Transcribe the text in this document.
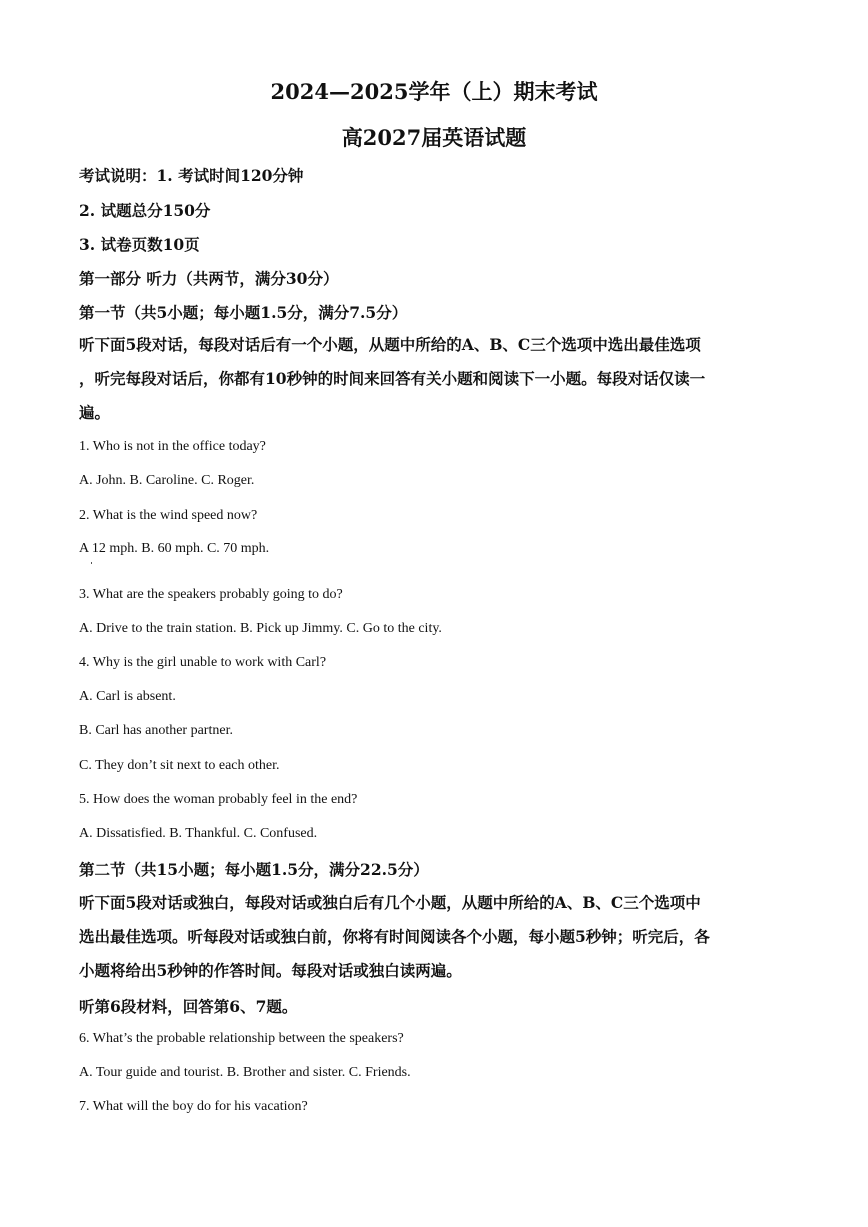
2024—2025学年（上）期末考试
高2027届英语试题
考试说明：1. 考试时间120分钟
2. 试题总分150分
3. 试卷页数10页
第一部分 听力（共两节，满分30分）
第一节（共5小题；每小题1.5分，满分7.5分）
听下面5段对话，每段对话后有一个小题，从题中所给的A、B、C三个选项中选出最佳选项
，听完每段对话后，你都有10秒钟的时间来回答有关小题和阅读下一小题。每段对话仅读一
遍。
1. Who is not in the office today?
A. John. B. Caroline. C. Roger.
2. What is the wind speed now?
A 12 mph. B. 60 mph. C. 70 mph.
3. What are the speakers probably going to do?
A. Drive to the train station. B. Pick up Jimmy. C. Go to the city.
4. Why is the girl unable to work with Carl?
A. Carl is absent.
B. Carl has another partner.
C. They don’t sit next to each other.
5. How does the woman probably feel in the end?
A. Dissatisfied. B. Thankful. C. Confused.
第二节（共15小题；每小题1.5分，满分22.5分）
听下面5段对话或独白，每段对话或独白后有几个小题，从题中所给的A、B、C三个选项中
选出最佳选项。听每段对话或独白前，你将有时间阅读各个小题，每小题5秒钟；听完后，各
小题将给出5秒钟的作答时间。每段对话或独白读两遍。
听第6段材料，回答第6、7题。
6. What’s the probable relationship between the speakers?
A. Tour guide and tourist. B. Brother and sister. C. Friends.
7. What will the boy do for his vacation?
